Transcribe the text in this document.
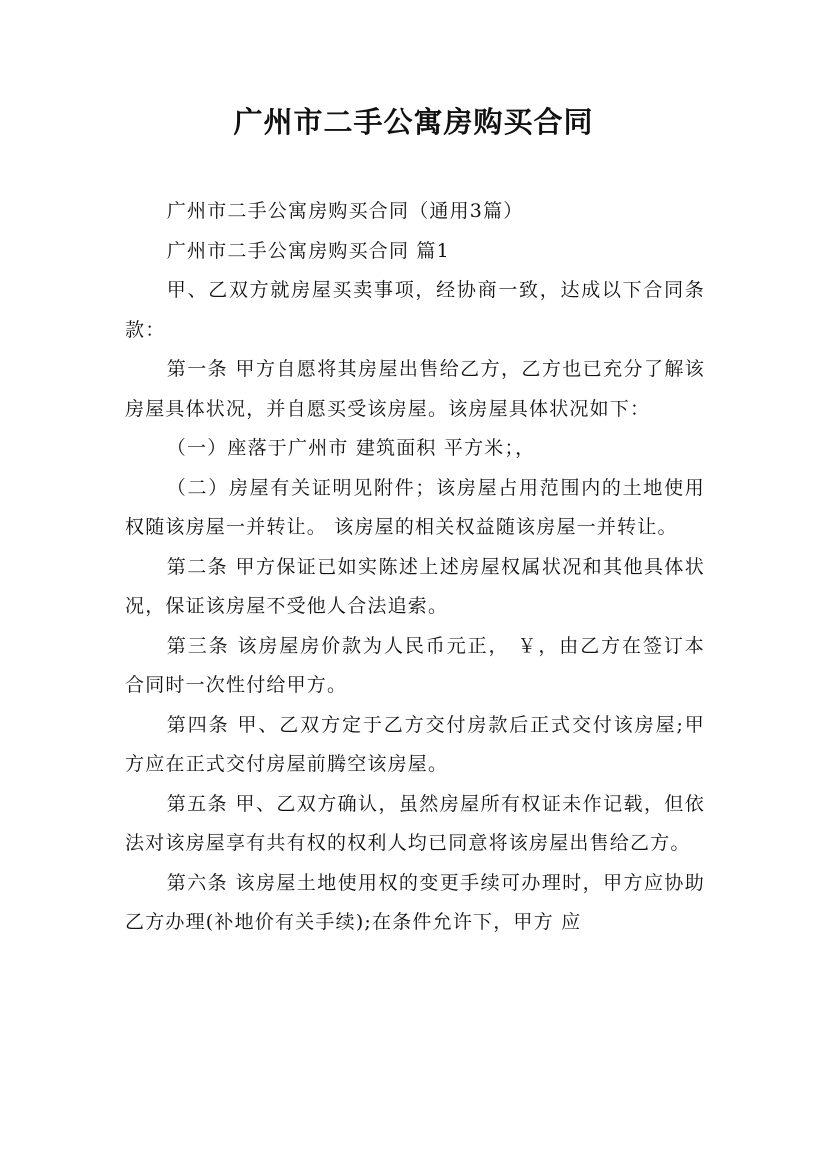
广州市二手公寓房购买合同

广州市二手公寓房购买合同（通用3篇）

广州市二手公寓房购买合同 篇1

甲、乙双方就房屋买卖事项，经协商一致，达成以下合同条款：

第一条 甲方自愿将其房屋出售给乙方，乙方也已充分了解该房屋具体状况，并自愿买受该房屋。该房屋具体状况如下：

（一）座落于广州市 建筑面积 平方米；，

（二）房屋有关证明见附件；该房屋占用范围内的土地使用权随该房屋一并转让。 该房屋的相关权益随该房屋一并转让。

第二条 甲方保证已如实陈述上述房屋权属状况和其他具体状况，保证该房屋不受他人合法追索。

第三条 该房屋房价款为人民币元正， ￥，由乙方在签订本合同时一次性付给甲方。

第四条 甲、乙双方定于乙方交付房款后正式交付该房屋;甲方应在正式交付房屋前腾空该房屋。

第五条 甲、乙双方确认，虽然房屋所有权证未作记载，但依法对该房屋享有共有权的权利人均已同意将该房屋出售给乙方。

第六条 该房屋土地使用权的变更手续可办理时，甲方应协助乙方办理(补地价有关手续);在条件允许下，甲方 应
